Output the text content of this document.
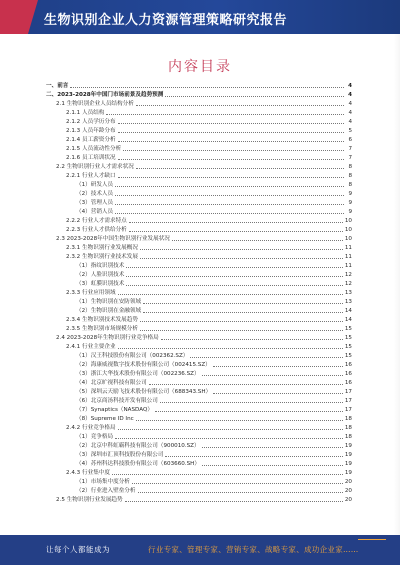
生物识别企业人力资源管理策略研究报告
内容目录
一、前言	4
二、2023-2028年中国门市场前景及趋势预测	4
2.1 生物识别企业人员结构分析	4
2.1.1 人员结构	4
2.1.2 人员学历分布	4
2.1.3 人员年龄分布	5
2.1.4 员工薪资分析	6
2.1.5 人员流动性分析	7
2.1.6 员工培训状况	7
2.2 生物识别行业人才需求状况	8
2.2.1 行业人才缺口	8
（1）研发人员	8
（2）技术人员	9
（3）管理人员	9
（4）营销人员	9
2.2.2 行业人才需求特点	10
2.2.3 行业人才供给分析	10
2.3 2023-2028年中国生物识别行业发展状况	10
2.3.1 生物识别行业发展概况	11
2.3.2 生物识别行业技术发展	11
（1）指纹识别技术	11
（2）人脸识别技术	12
（3）虹膜识别技术	12
2.3.3 行业应用领域	13
（1）生物识别在安防领域	13
（2）生物识别在金融领域	14
2.3.4 生物识别技术发展趋势	14
2.3.5 生物识别市场规模分析	15
2.4 2023-2028年生物识别行业竞争格局	15
2.4.1 行业主要企业	15
（1）汉王科技股份有限公司（002362.SZ）	15
（2）海康威视数字技术股份有限公司（002415.SZ）	16
（3）浙江大华技术股份有限公司（002236.SZ）	16
（4）北京旷视科技有限公司	16
（5）深圳云天励飞技术股份有限公司（688343.SH）	17
（6）北京商汤科技开发有限公司	17
（7）Synaptics（NASDAQ）	17
（8）Supreme ID Inc	18
2.4.2 行业竞争格局	18
（1）竞争格局	18
（2）北京中科虹霸科技有限公司（900010.SZ）	19
（3）深圳市汇顶科技股份有限公司	19
（4）苏州科达科技股份有限公司（603660.SH）	19
2.4.3 行业集中度	19
（1）市场集中度分析	20
（2）行业进入壁垒分析	20
2.5 生物识别行业发展趋势	20
让每个人都能成为	行业专家、管理专家、营销专家、战略专家、成功企业家……
